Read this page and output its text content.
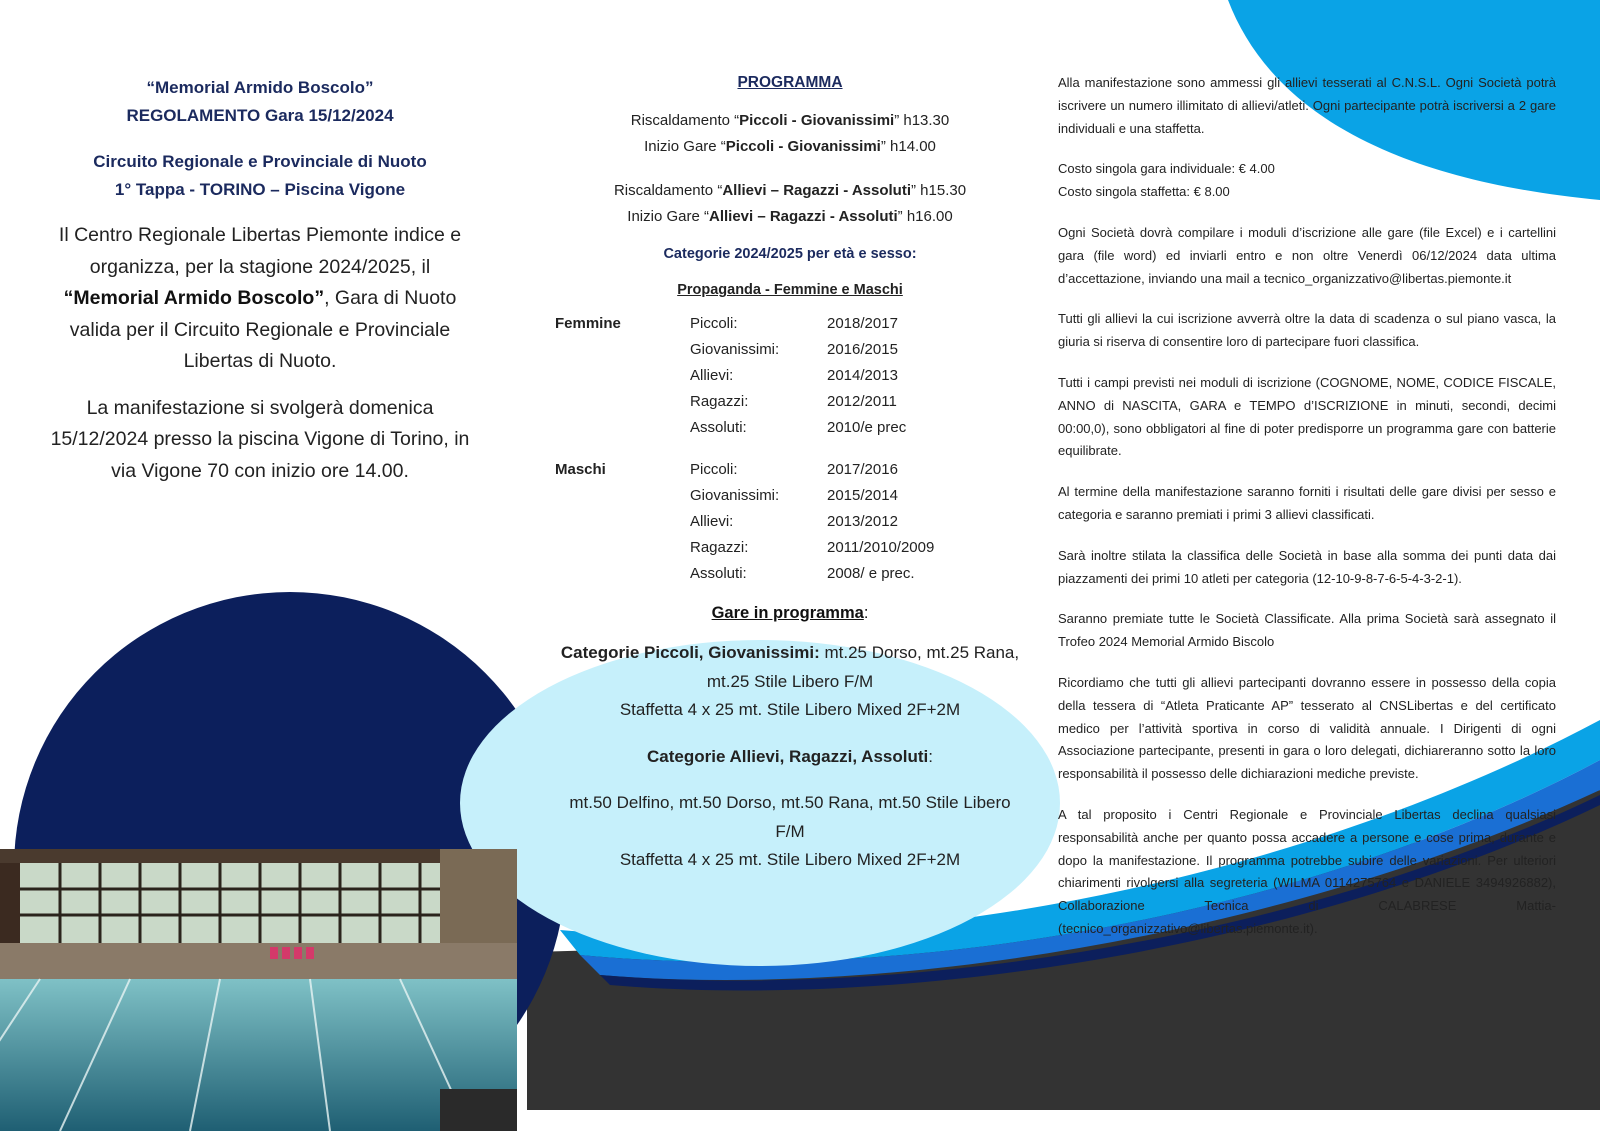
“Memorial Armido Boscolo”
REGOLAMENTO Gara 15/12/2024
Circuito Regionale e Provinciale di Nuoto
1° Tappa - TORINO – Piscina Vigone
Il Centro Regionale Libertas Piemonte indice e organizza, per la stagione 2024/2025, il
“Memorial Armido Boscolo”, Gara di Nuoto valida per il Circuito Regionale e Provinciale Libertas di Nuoto.
La manifestazione si svolgerà domenica 15/12/2024 presso la piscina Vigone di Torino, in via Vigone 70 con inizio ore 14.00.
PROGRAMMA
Riscaldamento “Piccoli - Giovanissimi” h13.30
Inizio Gare “Piccoli - Giovanissimi” h14.00
Riscaldamento “Allievi – Ragazzi - Assoluti” h15.30
Inizio Gare “Allievi – Ragazzi - Assoluti” h16.00
Categorie 2024/2025 per età e sesso:
Propaganda - Femmine e Maschi
Femmine	Piccoli:	2018/2017
	Giovanissimi:	2016/2015
	Allievi:	2014/2013
	Ragazzi:	2012/2011
	Assoluti:	2010/e prec
Maschi	Piccoli:	2017/2016
	Giovanissimi:	2015/2014
	Allievi:	2013/2012
	Ragazzi:	2011/2010/2009
	Assoluti:	2008/ e prec.
Gare in programma:
Categorie Piccoli, Giovanissimi: mt.25 Dorso, mt.25 Rana, mt.25 Stile Libero F/M
Staffetta 4 x 25 mt. Stile Libero Mixed 2F+2M
Categorie Allievi, Ragazzi, Assoluti:
mt.50 Delfino, mt.50 Dorso, mt.50 Rana, mt.50 Stile Libero F/M
Staffetta 4 x 25 mt. Stile Libero Mixed 2F+2M

Alla manifestazione sono ammessi gli allievi tesserati al C.N.S.L. Ogni Società potrà iscrivere un numero illimitato di allievi/atleti. Ogni partecipante potrà iscriversi a 2 gare individuali e una staffetta.

Costo singola gara individuale: € 4.00
Costo singola staffetta: € 8.00

Ogni Società dovrà compilare i moduli d’iscrizione alle gare (file Excel) e i cartellini gara (file word) ed inviarli entro e non oltre Venerdì 06/12/2024 data ultima d’accettazione, inviando una mail a tecnico_organizzativo@libertas.piemonte.it

Tutti gli allievi la cui iscrizione avverrà oltre la data di scadenza o sul piano vasca, la giuria si riserva di consentire loro di partecipare fuori classifica.

Tutti i campi previsti nei moduli di iscrizione (COGNOME, NOME, CODICE FISCALE, ANNO di NASCITA, GARA e TEMPO d’ISCRIZIONE in minuti, secondi, decimi 00:00,0), sono obbligatori al fine di poter predisporre un programma gare con batterie equilibrate.

Al termine della manifestazione saranno forniti i risultati delle gare divisi per sesso e categoria e saranno premiati i primi 3 allievi classificati.

Sarà inoltre stilata la classifica delle Società in base alla somma dei punti data dai piazzamenti dei primi 10 atleti per categoria (12-10-9-8-7-6-5-4-3-2-1).

Saranno premiate tutte le Società Classificate. Alla prima Società sarà assegnato il Trofeo 2024 Memorial Armido Biscolo

Ricordiamo che tutti gli allievi partecipanti dovranno essere in possesso della copia della tessera di “Atleta Praticante AP” tesserato al CNSLibertas e del certificato medico per l’attività sportiva in corso di validità annuale. I Dirigenti di ogni Associazione partecipante, presenti in gara o loro delegati, dichiareranno sotto la loro responsabilità il possesso delle dichiarazioni mediche previste.

A tal proposito i Centri Regionale e Provinciale Libertas declina qualsiasi responsabilità anche per quanto possa accadere a persone e cose prima, durante e dopo la manifestazione. Il programma potrebbe subire delle variazioni. Per ulteriori chiarimenti rivolgersi alla segreteria (WILMA 0114275764 e DANIELE 3494926882), Collaborazione Tecnica di CALABRESE Mattia- (tecnico_organizzativo@libertas.piemonte.it).
